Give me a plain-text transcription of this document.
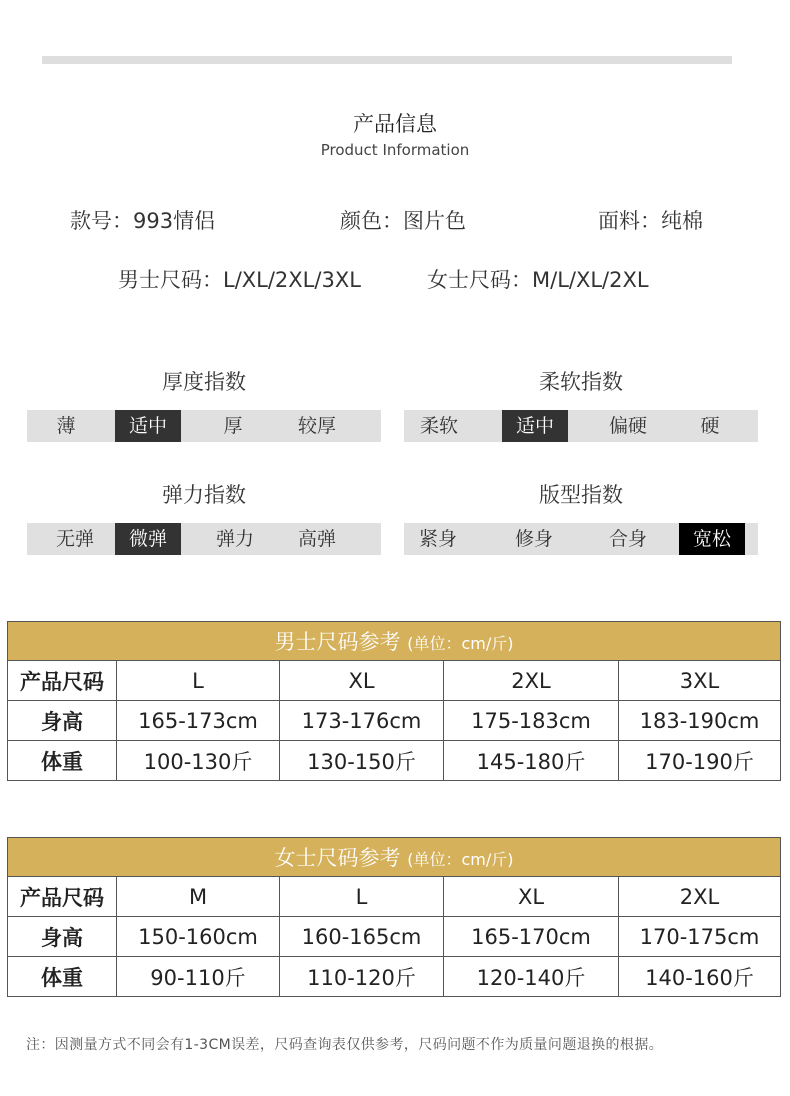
产品信息
Product Information
款号：993情侣	颜色：图片色	面料：纯棉
男士尺码：L/XL/2XL/3XL	女士尺码：M/L/XL/2XL
厚度指数
薄	适中	厚	较厚
柔软指数
柔软	适中	偏硬	硬
弹力指数
无弹	微弹	弹力	高弹
版型指数
紧身	修身	合身	宽松
男士尺码参考 (单位：cm/斤)				
产品尺码	L	XL	2XL	3XL
身高	165-173cm	173-176cm	175-183cm	183-190cm
体重	100-130斤	130-150斤	145-180斤	170-190斤
女士尺码参考 (单位：cm/斤)				
产品尺码	M	L	XL	2XL
身高	150-160cm	160-165cm	165-170cm	170-175cm
体重	90-110斤	110-120斤	120-140斤	140-160斤
注：因测量方式不同会有1-3CM误差，尺码查询表仅供参考，尺码问题不作为质量问题退换的根据。
